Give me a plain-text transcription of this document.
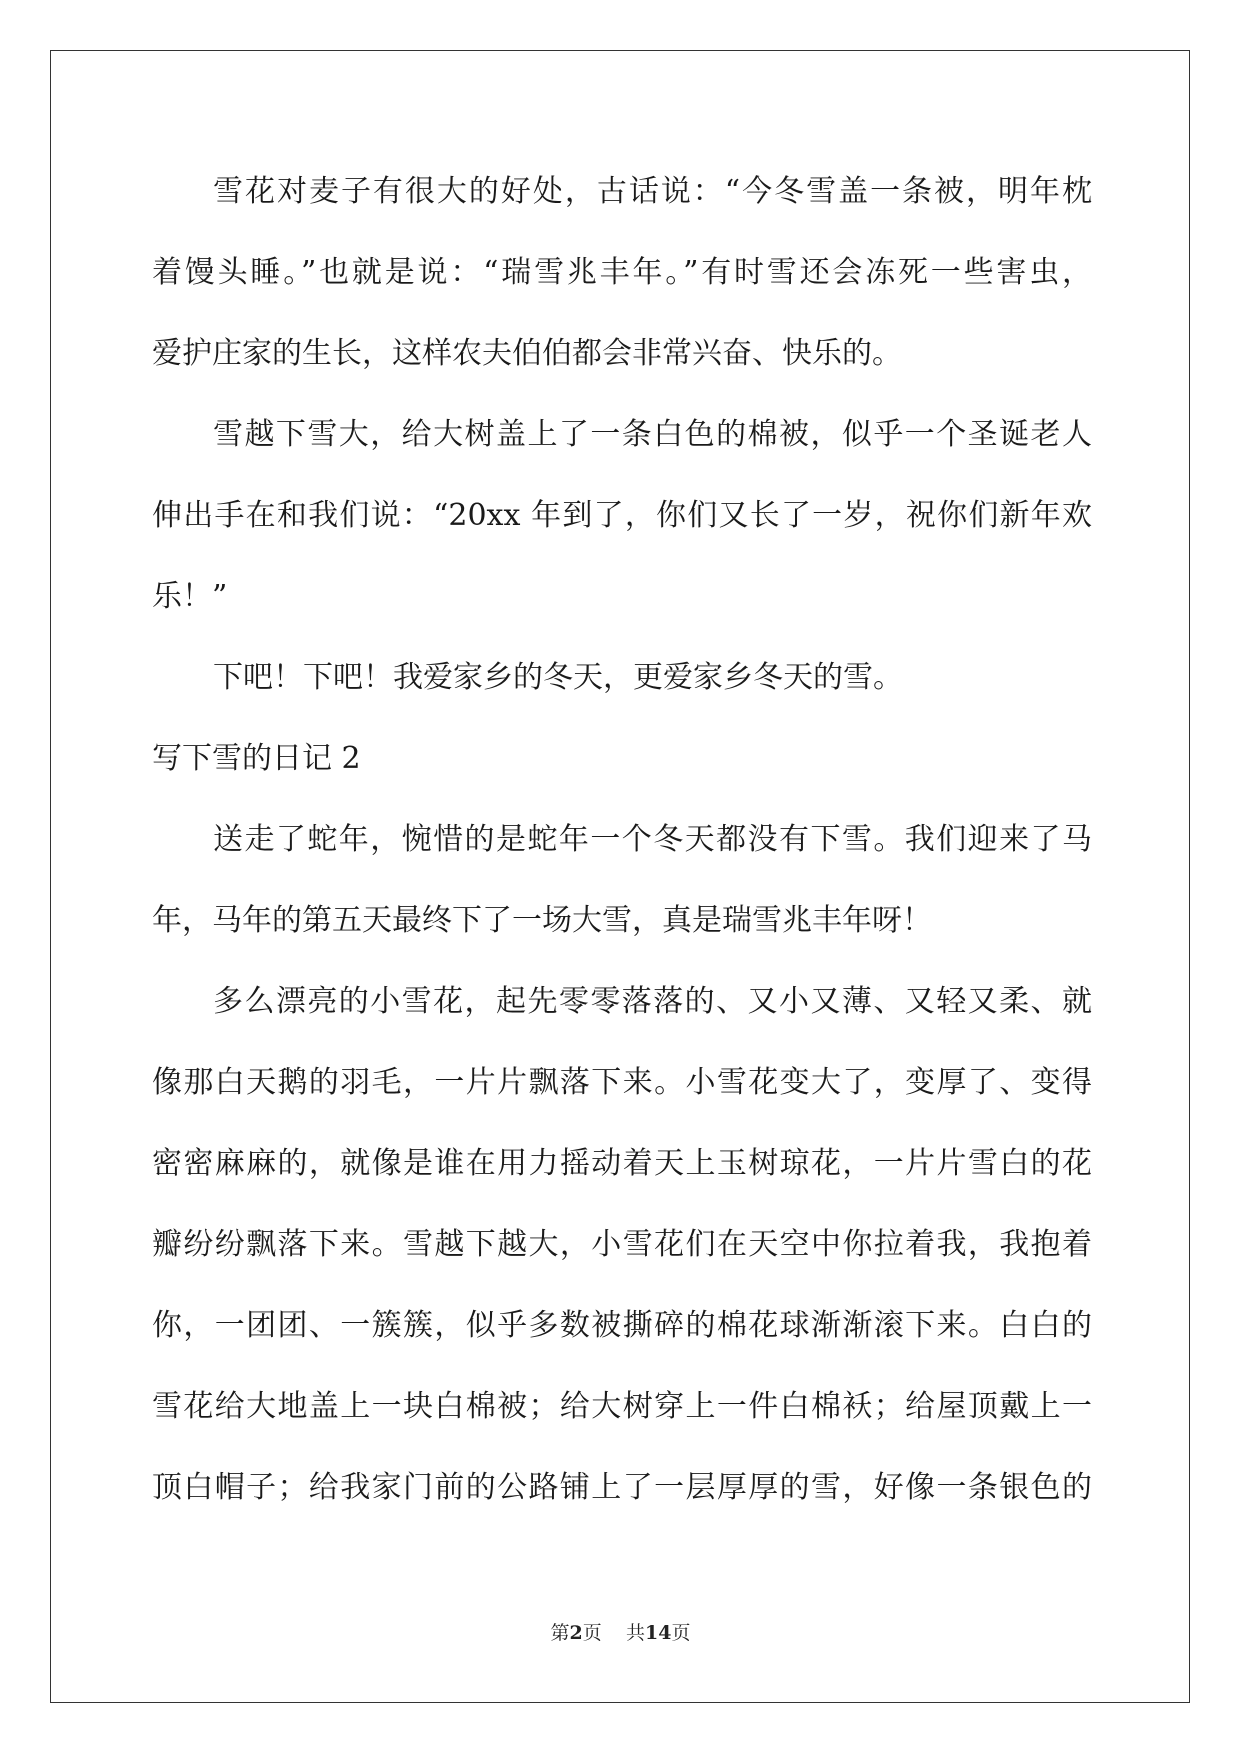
雪花对麦子有很大的好处，古话说：“今冬雪盖一条被，明年枕
着馒头睡。”也就是说：“瑞雪兆丰年。”有时雪还会冻死一些害虫，
爱护庄家的生长，这样农夫伯伯都会非常兴奋、快乐的。
雪越下雪大，给大树盖上了一条白色的棉被，似乎一个圣诞老人
伸出手在和我们说：“20xx 年到了，你们又长了一岁，祝你们新年欢
乐！”
下吧！下吧！我爱家乡的冬天，更爱家乡冬天的雪。
写下雪的日记 2
送走了蛇年，惋惜的是蛇年一个冬天都没有下雪。我们迎来了马
年，马年的第五天最终下了一场大雪，真是瑞雪兆丰年呀！
多么漂亮的小雪花，起先零零落落的、又小又薄、又轻又柔、就
像那白天鹅的羽毛，一片片飘落下来。小雪花变大了，变厚了、变得
密密麻麻的，就像是谁在用力摇动着天上玉树琼花，一片片雪白的花
瓣纷纷飘落下来。雪越下越大，小雪花们在天空中你拉着我，我抱着
你，一团团、一簇簇，似乎多数被撕碎的棉花球渐渐滚下来。白白的
雪花给大地盖上一块白棉被；给大树穿上一件白棉袄；给屋顶戴上一
顶白帽子；给我家门前的公路铺上了一层厚厚的雪，好像一条银色的
第2页 共14页
